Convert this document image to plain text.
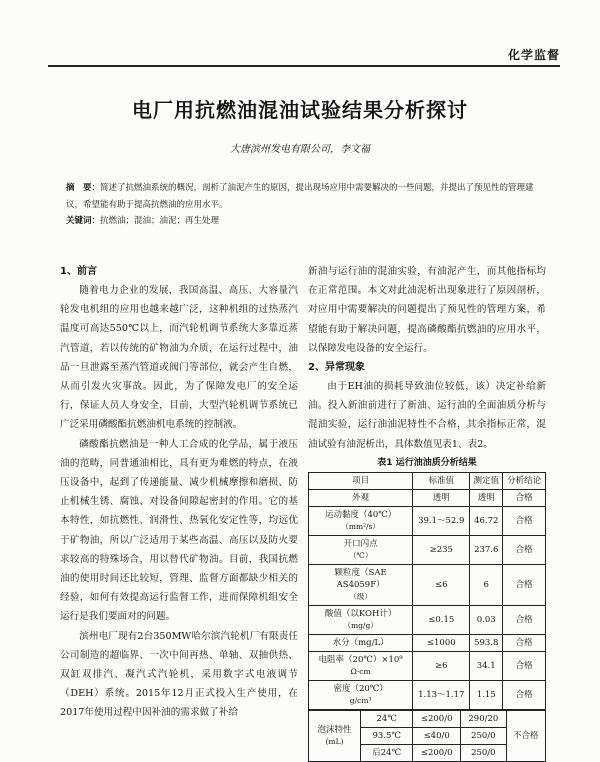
化学监督
电厂用抗燃油混油试验结果分析探讨
大唐滨州发电有限公司，李文福
摘　要：简述了抗燃油系统的概况，剖析了油泥产生的原因，提出现场应用中需要解决的一些问题，并提出了预见性的管理建议，希望能有助于提高抗燃油的应用水平。
关键词：抗燃油；混油；油泥；再生处理
1、前言

随着电力企业的发展，我国高温、高压、大容量汽轮发电机组的应用也越来越广泛，这种机组的过热蒸汽温度可高达550℃以上，而汽轮机调节系统大多靠近蒸汽管道，若以传统的矿物油为介质，在运行过程中，油品一旦泄露至蒸汽管道或阀门等部位，就会产生自燃，从而引发火灾事故。因此，为了保障发电厂的安全运行，保证人员人身安全，目前，大型汽轮机调节系统已广泛采用磷酸酯抗燃油机电系统的控制液。

磷酸酯抗燃油是一种人工合成的化学品，属于液压油的范畴，同普通油相比，具有更为难燃的特点，在液压设备中，起到了传递能量、减少机械摩擦和磨损、防止机械生锈、腐蚀、对设备间隙起密封的作用。它的基本特性，如抗燃性、润滑性、热氧化安定性等，均远优于矿物油，所以广泛适用于某些高温、高压以及防火要求较高的特殊场合，用以替代矿物油。目前，我国抗燃油的使用时间还比较短，管理、监督方面都缺少相关的经验，如何有效提高运行监督工作，进而保障机组安全运行是我们要面对的问题。

滨州电厂现有2台350MW哈尔滨汽轮机厂有限责任公司制造的超临界、一次中间再热、单轴、双抽供热、双缸双排汽、凝汽式汽轮机，采用数字式电液调节（DEH）系统。2015年12月正式投入生产使用，在2017年使用过程中因补油的需求做了补给

新油与运行油的混油实验，有油泥产生，而其他指标均在正常范围。本文对此油泥析出现象进行了原因剖析，对应用中需要解决的问题提出了预见性的管理方案，希望能有助于解决问题，提高磷酸酯抗燃油的应用水平，以保障发电设备的安全运行。

2、异常现象

由于EH油的损耗导致油位较低，该）决定补给新油。投入新油前进行了新油、运行油的全面油质分析与混油实验，运行油油泥特性不合格，其余指标正常，混油试验有油泥析出，具体数值见表1、表2。

表1 运行油油质分析结果
项目	标准值	测定值	分析结论
外观	透明	透明	合格
运动黏度（40℃）
（mm²/s）	39.1～52.9	46.72	合格
开口闪点
（℃）	≥235	237.6	合格
颗粒度（SAE AS4059F）
（级）	≤6	6	合格
酸值（以KOH计）
（mg/g）	≤0.15	0.03	合格
水分（mg/L）	≤1000	593.8	合格
电阻率（20℃）×10⁹
Ω·cm	≥6	34.1	合格
密度（20℃）
g/cm³	1.13～1.17	1.15	合格
泡沫特性
(mL)	24℃	≤200/0	290/20	不合格
	93.5℃	≤40/0	250/0	
	后24℃	≤200/0	250/0	
